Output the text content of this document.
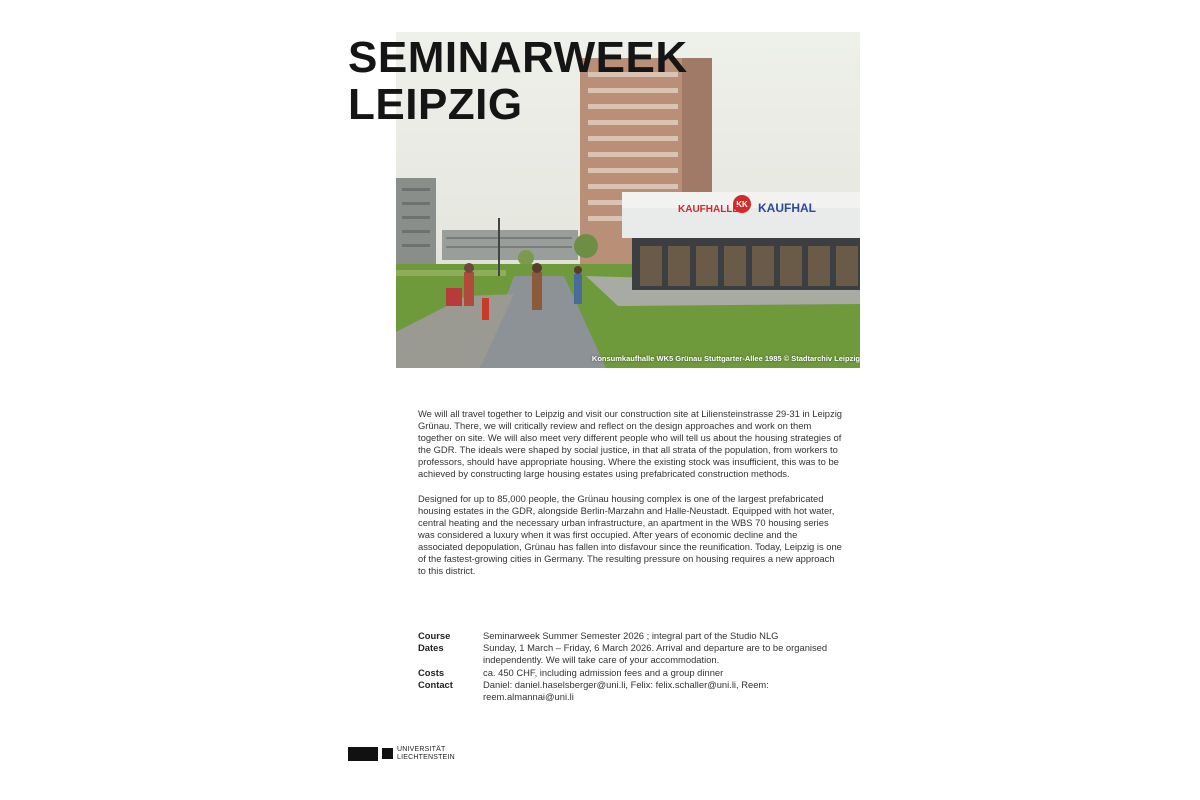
KK
KAUFHALLE KAUFHAL
Konsumkaufhalle WK5 Grünau Stuttgarter-Allee 1985 © Stadtarchiv Leipzig
SEMINARWEEK
LEIPZIG

We will all travel together to Leipzig and visit our construction site at Liliensteinstrasse 29-31 in Leipzig Grünau. There, we will critically review and reflect on the design approaches and work on them together on site. We will also meet very different people who will tell us about the housing strategies of the GDR. The ideals were shaped by social justice, in that all strata of the population, from workers to professors, should have appropriate housing. Where the existing stock was insufficient, this was to be achieved by constructing large housing estates using prefabricated construction methods.

Designed for up to 85,000 people, the Grünau housing complex is one of the largest prefabricated housing estates in the GDR, alongside Berlin-Marzahn and Halle-Neustadt. Equipped with hot water, central heating and the necessary urban infrastructure, an apartment in the WBS 70 housing series was considered a luxury when it was first occupied. After years of economic decline and the associated depopulation, Grünau has fallen into disfavour since the reunification. Today, Leipzig is one of the fastest-growing cities in Germany. The resulting pressure on housing requires a new approach to this district.

Course	Seminarweek Summer Semester 2026 ; integral part of the Studio NLG
Dates	Sunday, 1 March – Friday, 6 March 2026. Arrival and departure are to be organised independently. We will take care of your accommodation.
Costs	ca. 450 CHF, including admission fees and a group dinner
Contact	Daniel: daniel.haselsberger@uni.li, Felix: felix.schaller@uni.li, Reem: reem.almannai@uni.li
UNIVERSITÄT
LIECHTENSTEIN
